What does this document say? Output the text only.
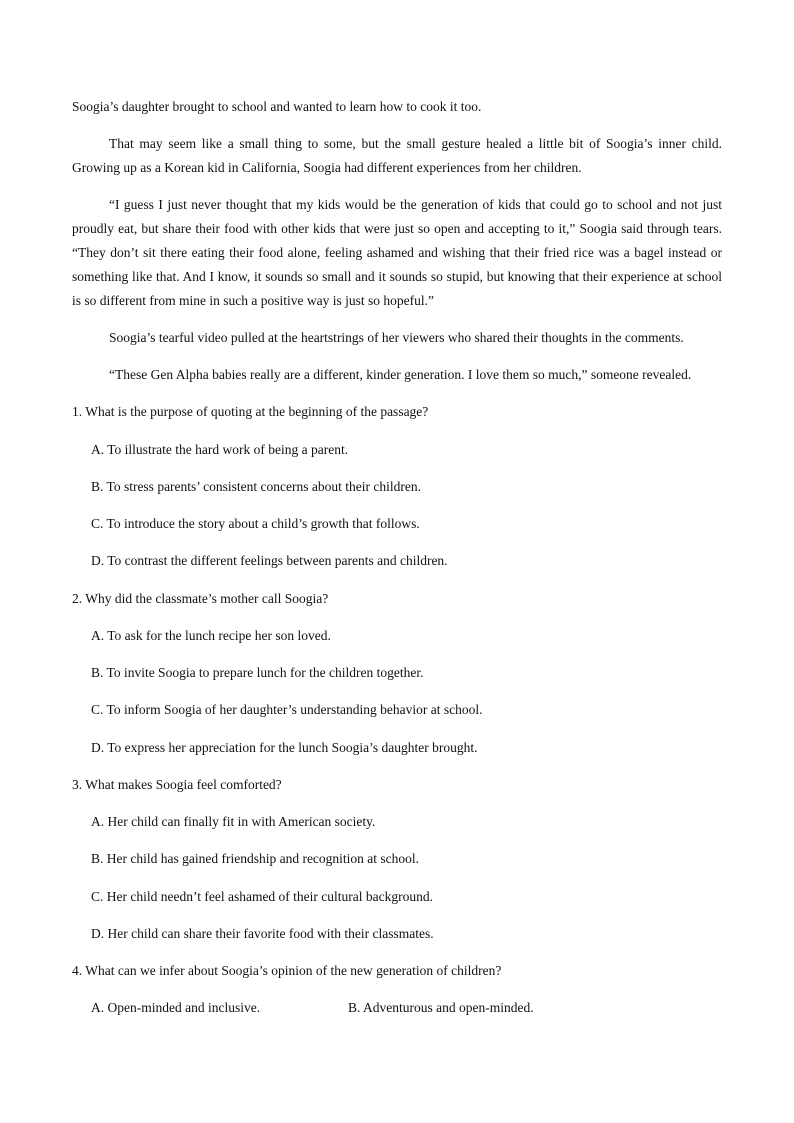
Soogia’s daughter brought to school and wanted to learn how to cook it too.
That may seem like a small thing to some, but the small gesture healed a little bit of Soogia’s inner child. Growing up as a Korean kid in California, Soogia had different experiences from her children.
“I guess I just never thought that my kids would be the generation of kids that could go to school and not just proudly eat, but share their food with other kids that were just so open and accepting to it,” Soogia said through tears. “They don’t sit there eating their food alone, feeling ashamed and wishing that their fried rice was a bagel instead or something like that. And I know, it sounds so small and it sounds so stupid, but knowing that their experience at school is so different from mine in such a positive way is just so hopeful.”
Soogia’s tearful video pulled at the heartstrings of her viewers who shared their thoughts in the comments.
“These Gen Alpha babies really are a different, kinder generation. I love them so much,” someone revealed.
1. What is the purpose of quoting at the beginning of the passage?
A. To illustrate the hard work of being a parent.
B. To stress parents’ consistent concerns about their children.
C. To introduce the story about a child’s growth that follows.
D. To contrast the different feelings between parents and children.
2. Why did the classmate’s mother call Soogia?
A. To ask for the lunch recipe her son loved.
B. To invite Soogia to prepare lunch for the children together.
C. To inform Soogia of her daughter’s understanding behavior at school.
D. To express her appreciation for the lunch Soogia’s daughter brought.
3. What makes Soogia feel comforted?
A. Her child can finally fit in with American society.
B. Her child has gained friendship and recognition at school.
C. Her child needn’t feel ashamed of their cultural background.
D. Her child can share their favorite food with their classmates.
4. What can we infer about Soogia’s opinion of the new generation of children?
A. Open-minded and inclusive.	B. Adventurous and open-minded.
